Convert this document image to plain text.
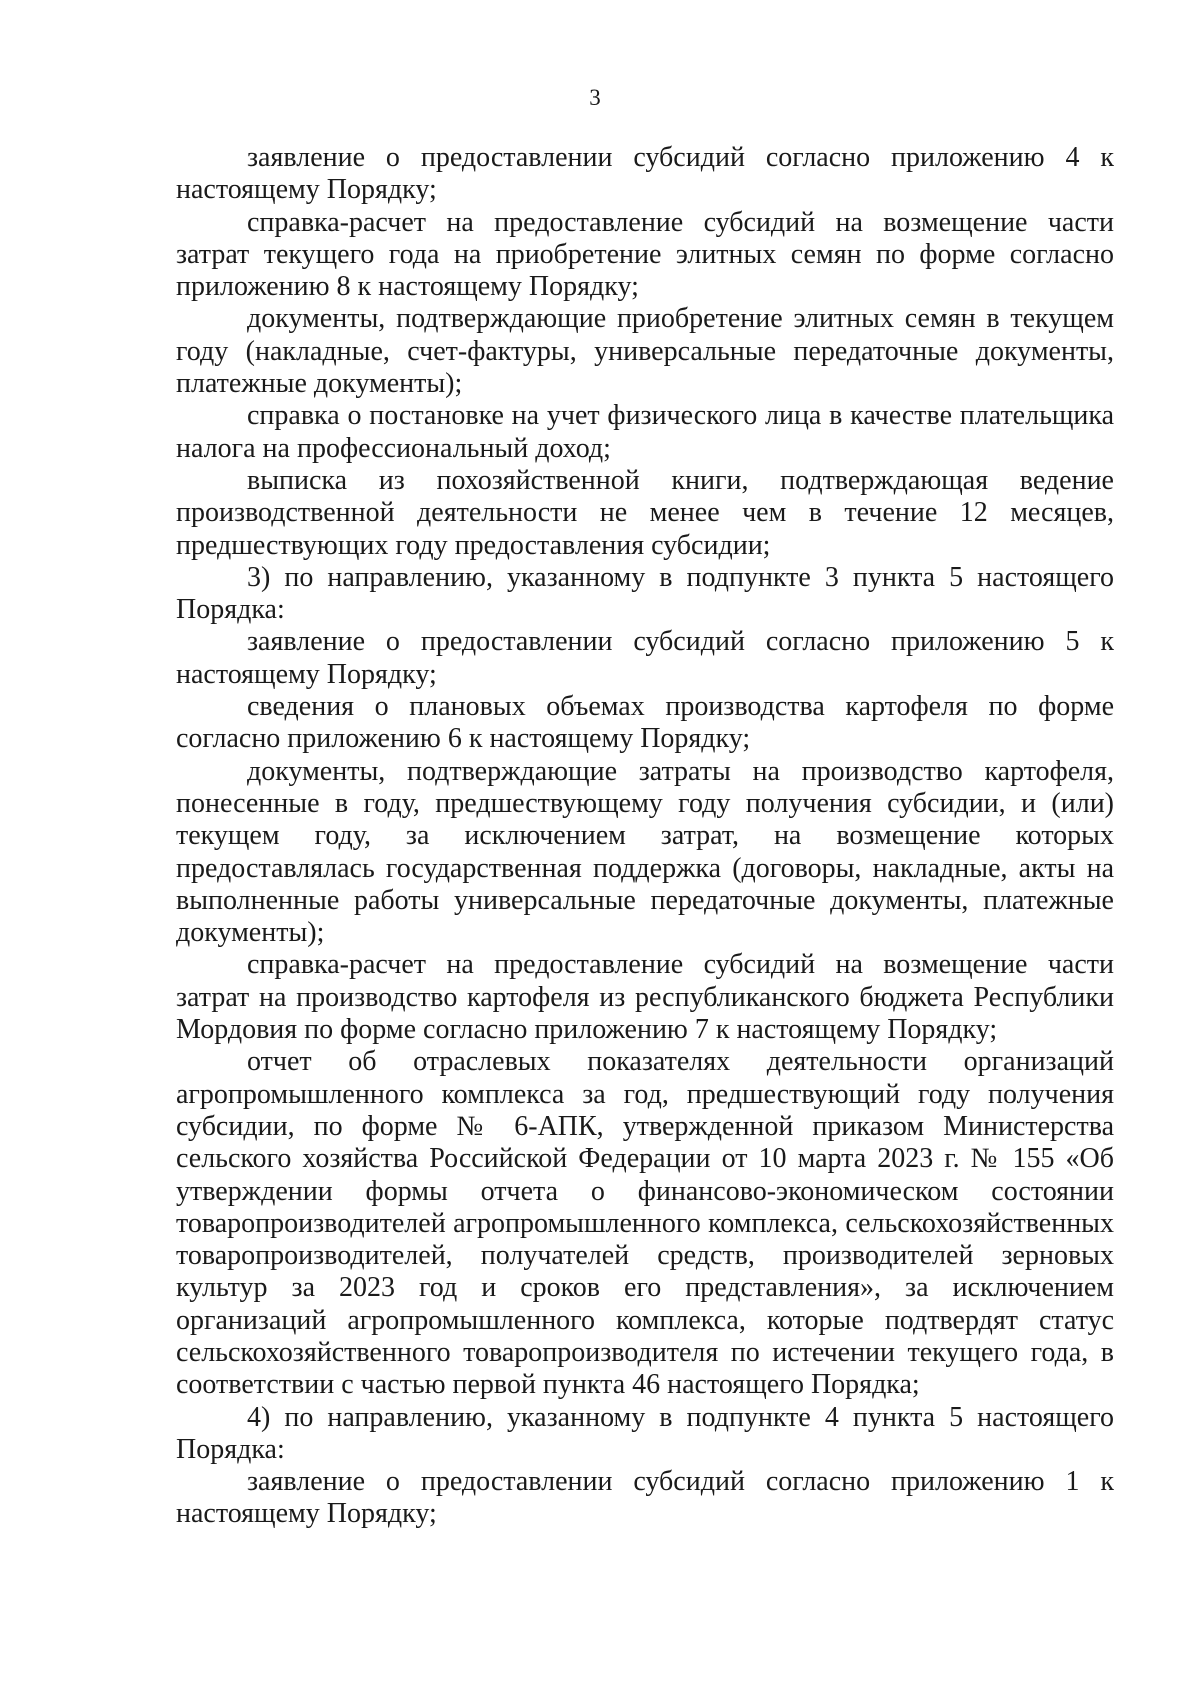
3

заявление о предоставлении субсидий согласно приложению 4 к настоящему Порядку;

справка-расчет на предоставление субсидий на возмещение части затрат текущего года на приобретение элитных семян по форме согласно приложению 8 к настоящему Порядку;

документы, подтверждающие приобретение элитных семян в текущем году (накладные, счет-фактуры, универсальные передаточные документы, платежные документы);

справка о постановке на учет физического лица в качестве плательщика налога на профессиональный доход;

выписка из похозяйственной книги, подтверждающая ведение производственной деятельности не менее чем в течение 12 месяцев, предшествующих году предоставления субсидии;

3) по направлению, указанному в подпункте 3 пункта 5 настоящего Порядка:

заявление о предоставлении субсидий согласно приложению 5 к настоящему Порядку;

сведения о плановых объемах производства картофеля по форме согласно приложению 6 к настоящему Порядку;

документы, подтверждающие затраты на производство картофеля, понесенные в году, предшествующему году получения субсидии, и (или) текущем году, за исключением затрат, на возмещение которых предоставлялась государственная поддержка (договоры, накладные, акты на выполненные работы универсальные передаточные документы, платежные документы);

справка-расчет на предоставление субсидий на возмещение части затрат на производство картофеля из республиканского бюджета Республики Мордовия по форме согласно приложению 7 к настоящему Порядку;

отчет об отраслевых показателях деятельности организаций агропромышленного комплекса за год, предшествующий году получения субсидии, по форме № 6-АПК, утвержденной приказом Министерства сельского хозяйства Российской Федерации от 10 марта 2023 г. № 155 «Об утверждении формы отчета о финансово-экономическом состоянии товаропроизводителей агропромышленного комплекса, сельскохозяйственных товаропроизводителей, получателей средств, производителей зерновых культур за 2023 год и сроков его представления», за исключением организаций агропромышленного комплекса, которые подтвердят статус сельскохозяйственного товаропроизводителя по истечении текущего года, в соответствии с частью первой пункта 46 настоящего Порядка;

4) по направлению, указанному в подпункте 4 пункта 5 настоящего Порядка:

заявление о предоставлении субсидий согласно приложению 1 к настоящему Порядку;
